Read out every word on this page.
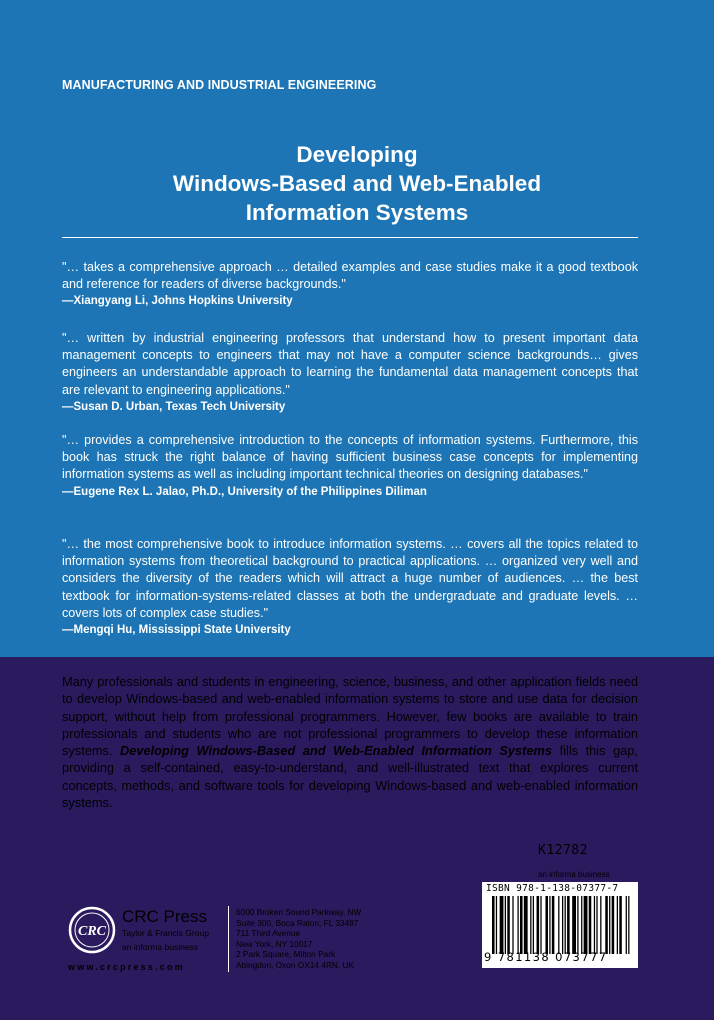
MANUFACTURING AND INDUSTRIAL ENGINEERING
Developing
Windows-Based and Web-Enabled
Information Systems
"… takes a comprehensive approach … detailed examples and case studies make it a good textbook and reference for readers of diverse backgrounds."
—Xiangyang Li, Johns Hopkins University
"… written by industrial engineering professors that understand how to present important data management concepts to engineers that may not have a computer science backgrounds… gives engineers an understandable approach to learning the fundamental data management concepts that are relevant to engineering applications."
—Susan D. Urban, Texas Tech University
"… provides a comprehensive introduction to the concepts of information systems. Furthermore, this book has struck the right balance of having sufficient business case concepts for implementing information systems as well as including important technical theories on designing databases."
—Eugene Rex L. Jalao, Ph.D., University of the Philippines Diliman
"… the most comprehensive book to introduce information systems. … covers all the topics related to information systems from theoretical background to practical applications. … organized very well and considers the diversity of the readers which will attract a huge number of audiences. … the best textbook for information-systems-related classes at both the undergraduate and graduate levels. … covers lots of complex case studies."
—Mengqi Hu, Mississippi State University
Many professionals and students in engineering, science, business, and other application fields need to develop Windows-based and web-enabled information systems to store and use data for decision support, without help from professional programmers. However, few books are available to train professionals and students who are not professional programmers to develop these information systems. Developing Windows-Based and Web-Enabled Information Systems fills this gap, providing a self-contained, easy-to-understand, and well-illustrated text that explores current concepts, methods, and software tools for developing Windows-based and web-enabled information systems.
K12782
an informa business
ISBN 978-1-138-07377-7
9 781138 073777
CRC
CRC Press
Taylor & Francis Group
an informa business
www.crcpress.com
6000 Broken Sound Parkway, NW
Suite 300, Boca Raton, FL 33487
711 Third Avenue
New York, NY 10017
2 Park Square, Milton Park
Abingdon, Oxon OX14 4RN, UK
